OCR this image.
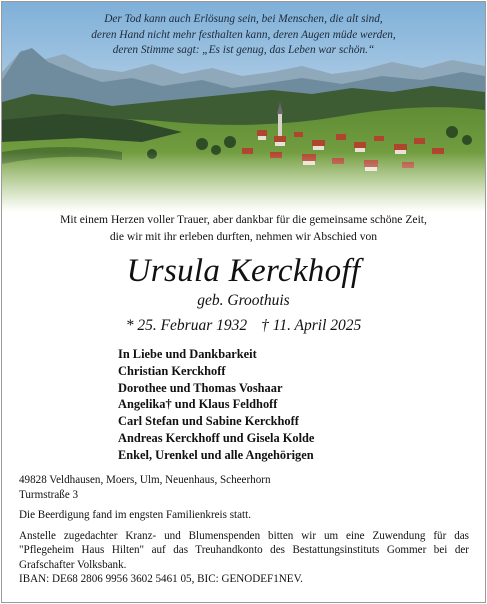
Der Tod kann auch Erlösung sein, bei Menschen, die alt sind,
deren Hand nicht mehr festhalten kann, deren Augen müde werden,
deren Stimme sagt: „Es ist genug, das Leben war schön.“
Mit einem Herzen voller Trauer, aber dankbar für die gemeinsame schöne Zeit,
die wir mit ihr erleben durften, nehmen wir Abschied von
Ursula Kerckhoff
geb. Groothuis
* 25. Februar 1932 † 11. April 2025
In Liebe und Dankbarkeit
Christian Kerckhoff
Dorothee und Thomas Voshaar
Angelika† und Klaus Feldhoff
Carl Stefan und Sabine Kerckhoff
Andreas Kerckhoff und Gisela Kolde
Enkel, Urenkel und alle Angehörigen
49828 Veldhausen, Moers, Ulm, Neuenhaus, Scheerhorn
Turmstraße 3
Die Beerdigung fand im engsten Familienkreis statt.
Anstelle zugedachter Kranz- und Blumenspenden bitten wir um eine Zuwendung für das "Pflegeheim Haus Hilten" auf das Treuhandkonto des Bestattungsinstituts Gommer bei der Grafschafter Volksbank.
IBAN: DE68 2806 9956 3602 5461 05, BIC: GENODEF1NEV.
